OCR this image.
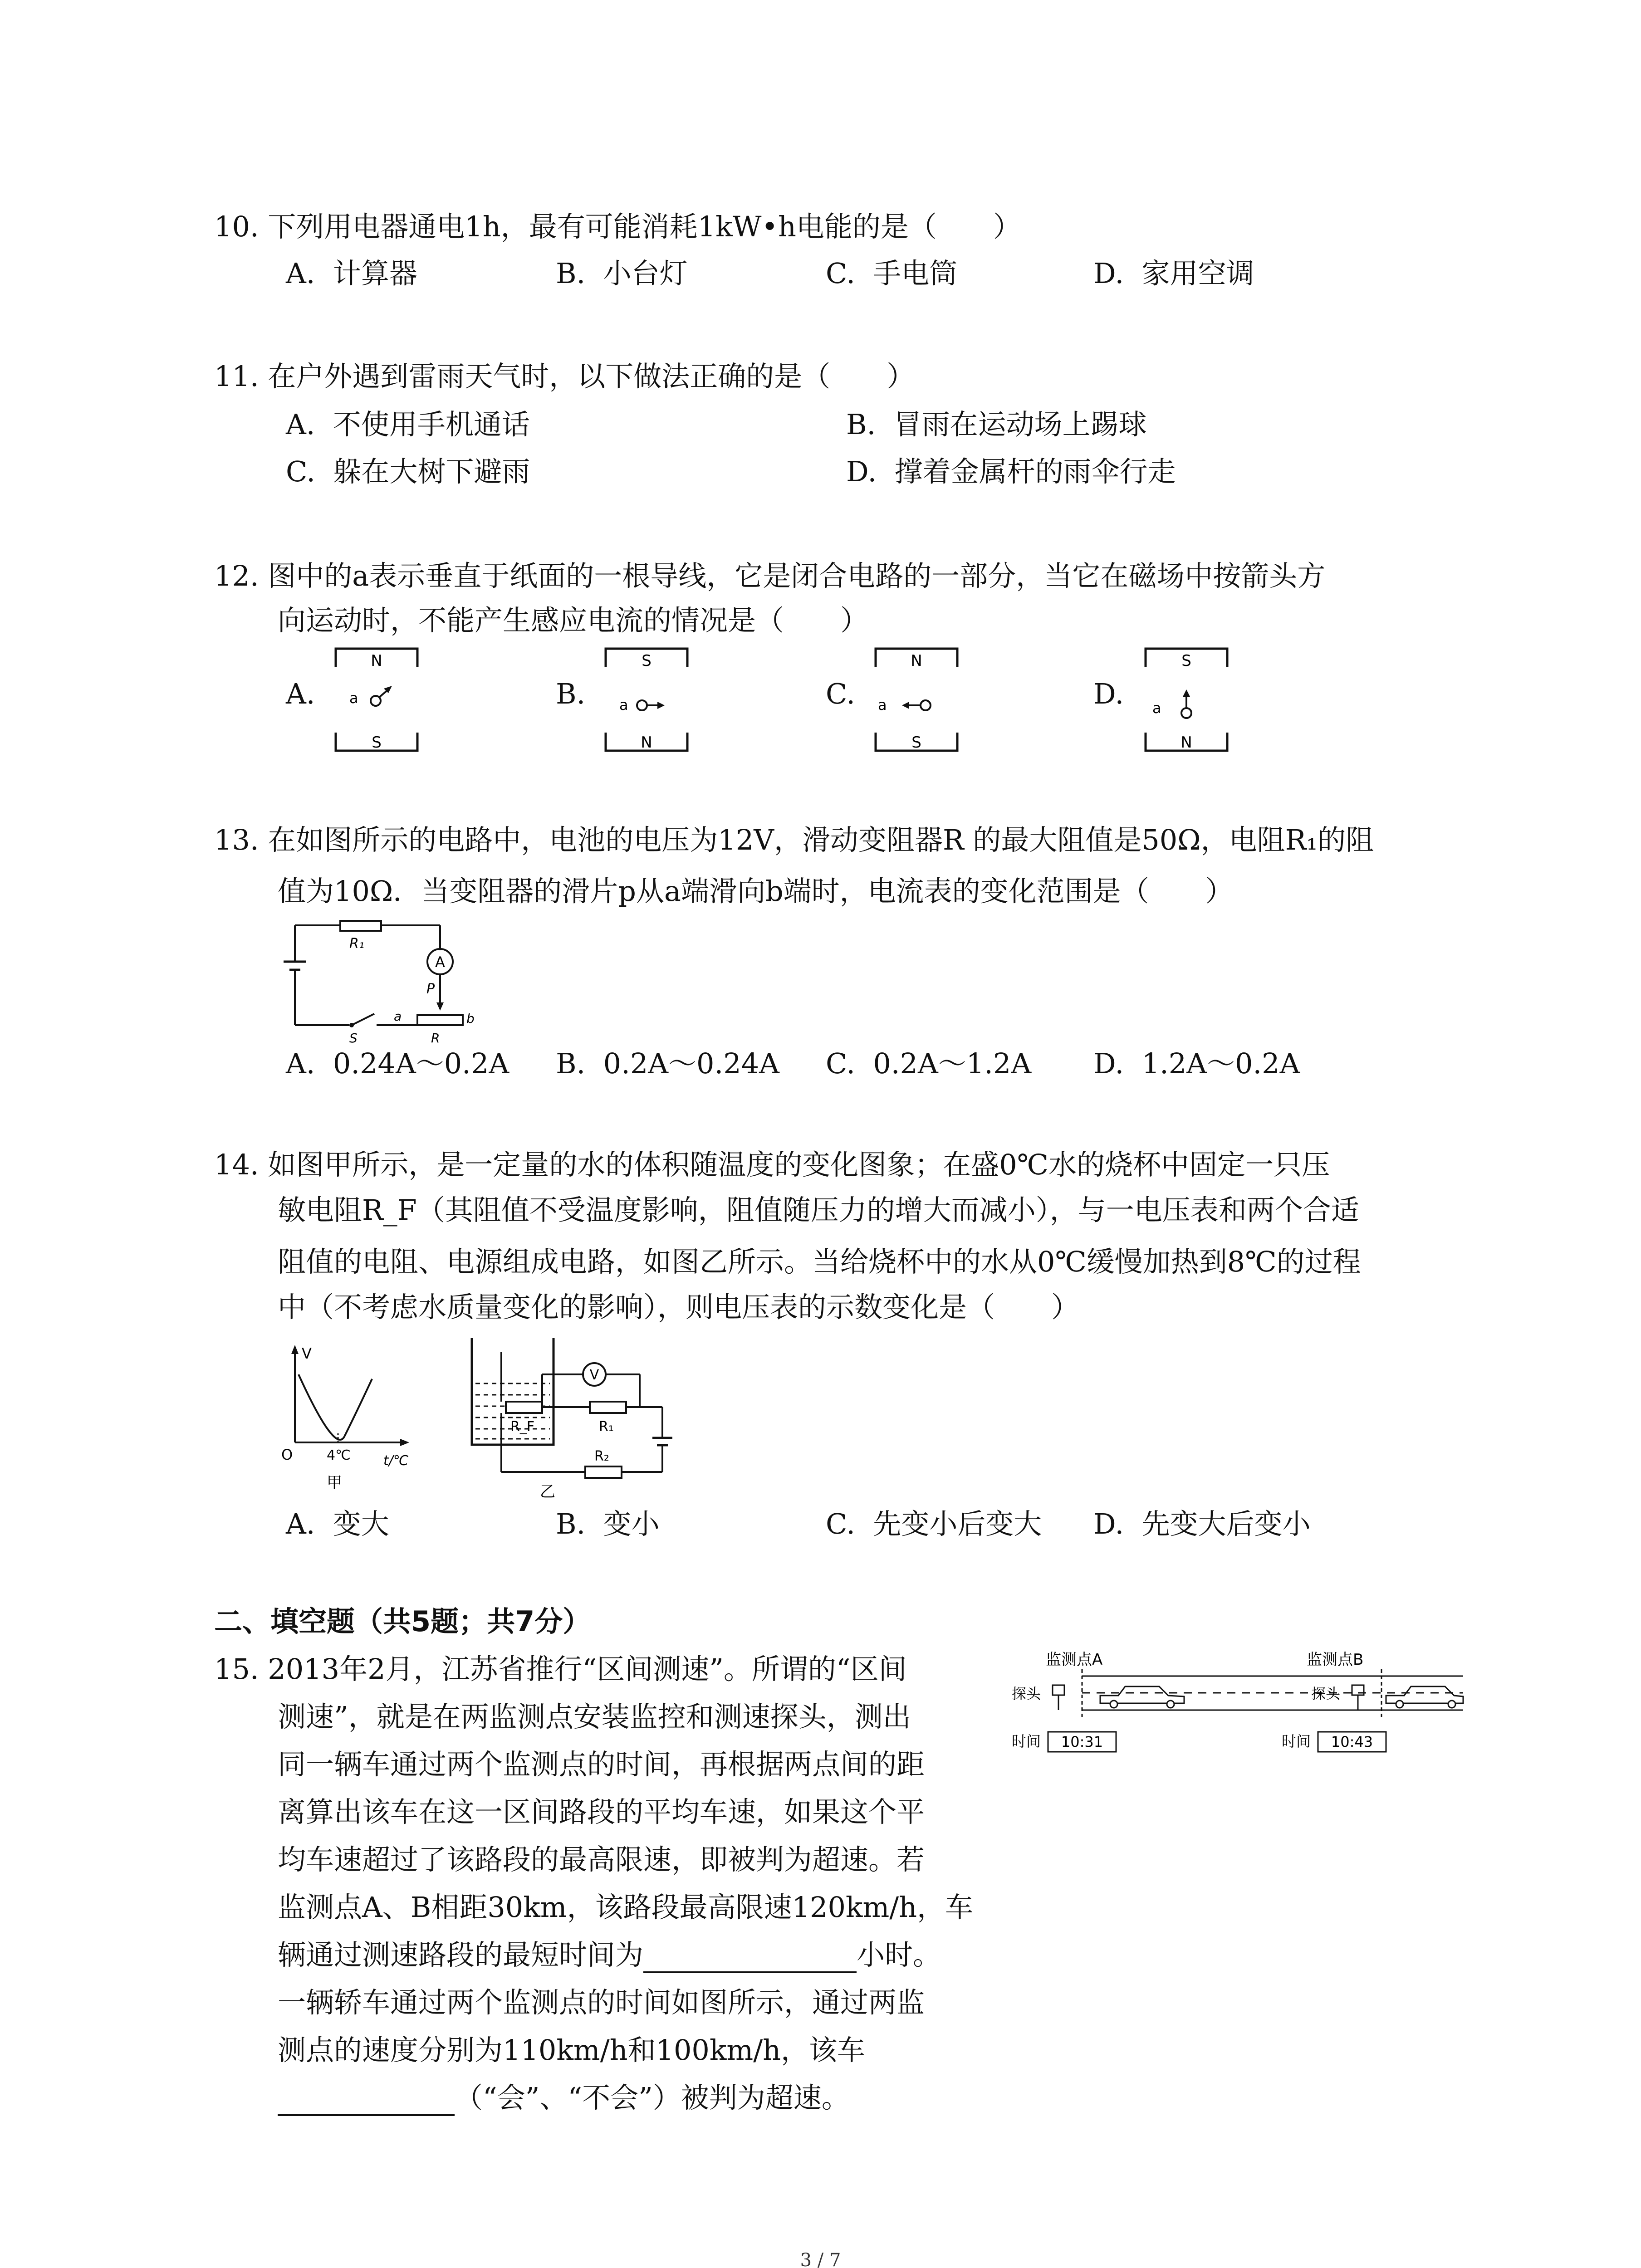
10. 下列用电器通电1h，最有可能消耗1kW•h电能的是（　　）
A.  计算器	B.  小台灯	C.  手电筒	D.  家用空调
11. 在户外遇到雷雨天气时，以下做法正确的是（　　）
A.  不使用手机通话	B.  冒雨在运动场上踢球
C.  躲在大树下避雨	D.  撑着金属杆的雨伞行走
12. 图中的a表示垂直于纸面的一根导线，它是闭合电路的一部分，当它在磁场中按箭头方
向运动时，不能产生感应电流的情况是（　　）
A.
N
a
S
B.
S
a
N
C.
N
a
S
D.
S
a
N
13. 在如图所示的电路中，电池的电压为12V，滑动变阻器R 的最大阻值是50Ω，电阻R₁的阻
值为10Ω．当变阻器的滑片p从a端滑向b端时，电流表的变化范围是（　　）
R₁
A
P
S
a	b
R
A.  0.24A～0.2A B.  0.2A～0.24A C.  0.2A～1.2A D.  1.2A～0.2A
14. 如图甲所示，是一定量的水的体积随温度的变化图象；在盛0℃水的烧杯中固定一只压
敏电阻R_F（其阻值不受温度影响，阻值随压力的增大而减小），与一电压表和两个合适
阻值的电阻、电源组成电路，如图乙所示。当给烧杯中的水从0℃缓慢加热到8℃的过程
中（不考虑水质量变化的影响），则电压表的示数变化是（　　）
V
O 4℃ t/℃
甲
R_F
V
R₁
R₂
乙
A.  变大	B.  变小	C.  先变小后变大 D.  先变大后变小
二、填空题（共5题；共7分）
15. 2013年2月，江苏省推行“区间测速”。所谓的“区间
测速”，就是在两监测点安装监控和测速探头，测出
同一辆车通过两个监测点的时间，再根据两点间的距
离算出该车在这一区间路段的平均车速，如果这个平
均车速超过了该路段的最高限速，即被判为超速。若
监测点A、B相距30km，该路段最高限速120km/h，车
辆通过测速路段的最短时间为	小时。
一辆轿车通过两个监测点的时间如图所示，通过两监
测点的速度分别为110km/h和100km/h，该车
（“会”、“不会”）被判为超速。
监测点A	监测点B
探头	探头
时间 10:31	时间 10:43
3 / 7
